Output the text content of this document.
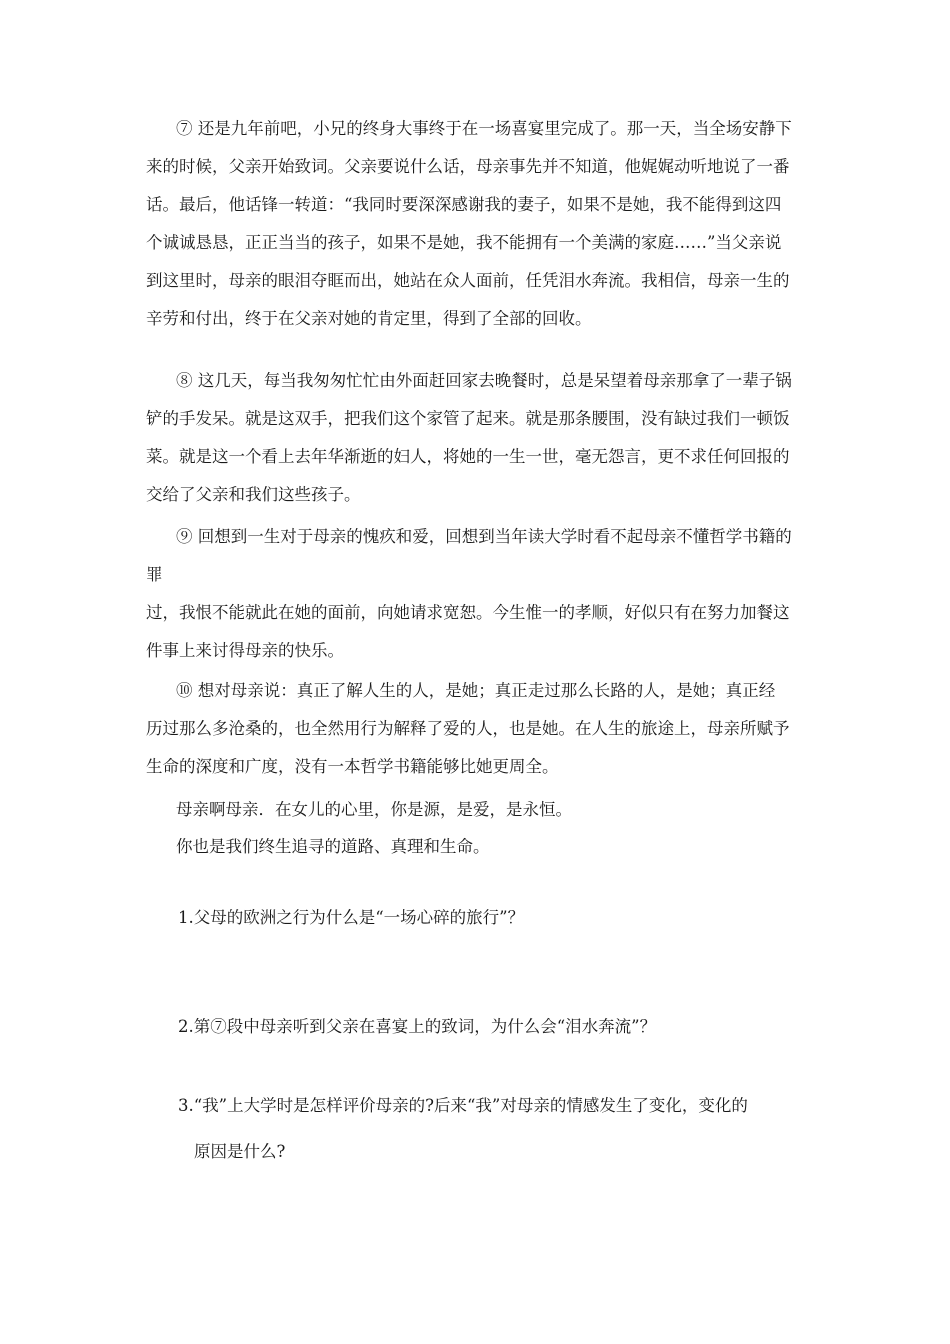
⑦ 还是九年前吧，小兄的终身大事终于在一场喜宴里完成了。那一天，当全场安静下
来的时候，父亲开始致词。父亲要说什么话，母亲事先并不知道，他娓娓动听地说了一番
话。最后，他话锋一转道：“我同时要深深感谢我的妻子，如果不是她，我不能得到这四
个诚诚恳恳，正正当当的孩子，如果不是她，我不能拥有一个美满的家庭……”当父亲说
到这里时，母亲的眼泪夺眶而出，她站在众人面前，任凭泪水奔流。我相信，母亲一生的
辛劳和付出，终于在父亲对她的肯定里，得到了全部的回收。
⑧ 这几天，每当我匆匆忙忙由外面赶回家去晚餐时，总是呆望着母亲那拿了一辈子锅
铲的手发呆。就是这双手，把我们这个家管了起来。就是那条腰围，没有缺过我们一顿饭
菜。就是这一个看上去年华渐逝的妇人，将她的一生一世，毫无怨言，更不求任何回报的
交给了父亲和我们这些孩子。
⑨ 回想到一生对于母亲的愧疚和爱，回想到当年读大学时看不起母亲不懂哲学书籍的
罪
过，我恨不能就此在她的面前，向她请求宽恕。今生惟一的孝顺，好似只有在努力加餐这
件事上来讨得母亲的快乐。
⑩ 想对母亲说：真正了解人生的人，是她；真正走过那么长路的人，是她；真正经
历过那么多沧桑的，也全然用行为解释了爱的人，也是她。在人生的旅途上，母亲所赋予
生命的深度和广度，没有一本哲学书籍能够比她更周全。
母亲啊母亲．在女儿的心里，你是源，是爱，是永恒。
你也是我们终生追寻的道路、真理和生命。
1.父母的欧洲之行为什么是“一场心碎的旅行”？
2.第⑦段中母亲听到父亲在喜宴上的致词，为什么会“泪水奔流”？
3.“我”上大学时是怎样评价母亲的?后来“我”对母亲的情感发生了变化，变化的
原因是什么?
